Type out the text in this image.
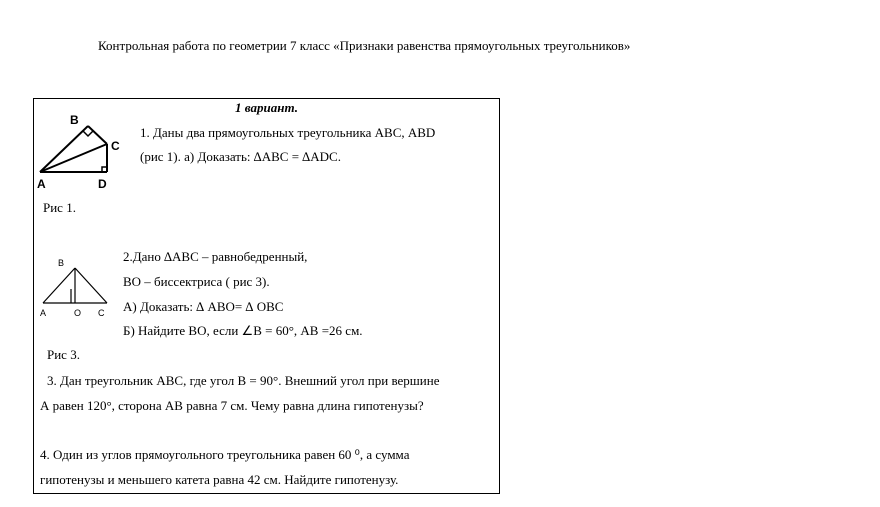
Контрольная работа по геометрии 7 класс «Признаки равенства прямоугольных треугольников»
1 вариант.
B
C
A	D
Рис 1.
1. Даны два прямоугольных треугольника АВС, АВD
(рис 1). а) Доказать: ∆АВС = ∆АDС.
B
A	O C
Рис 3.
2.Дано ∆АВС – равнобедренный,
ВО – биссектриса ( рис 3).
А) Доказать: ∆ АВО= ∆ ОВС
Б) Найдите ВО, если ∠В = 60°, АВ =26 см.
3. Дан треугольник АВС, где угол В = 90°. Внешний угол при вершине
А равен 120°, сторона АВ равна 7 см. Чему равна длина гипотенузы?
4. Один из углов прямоугольного треугольника равен 60 ⁰, а сумма
гипотенузы и меньшего катета равна 42 см. Найдите гипотенузу.
